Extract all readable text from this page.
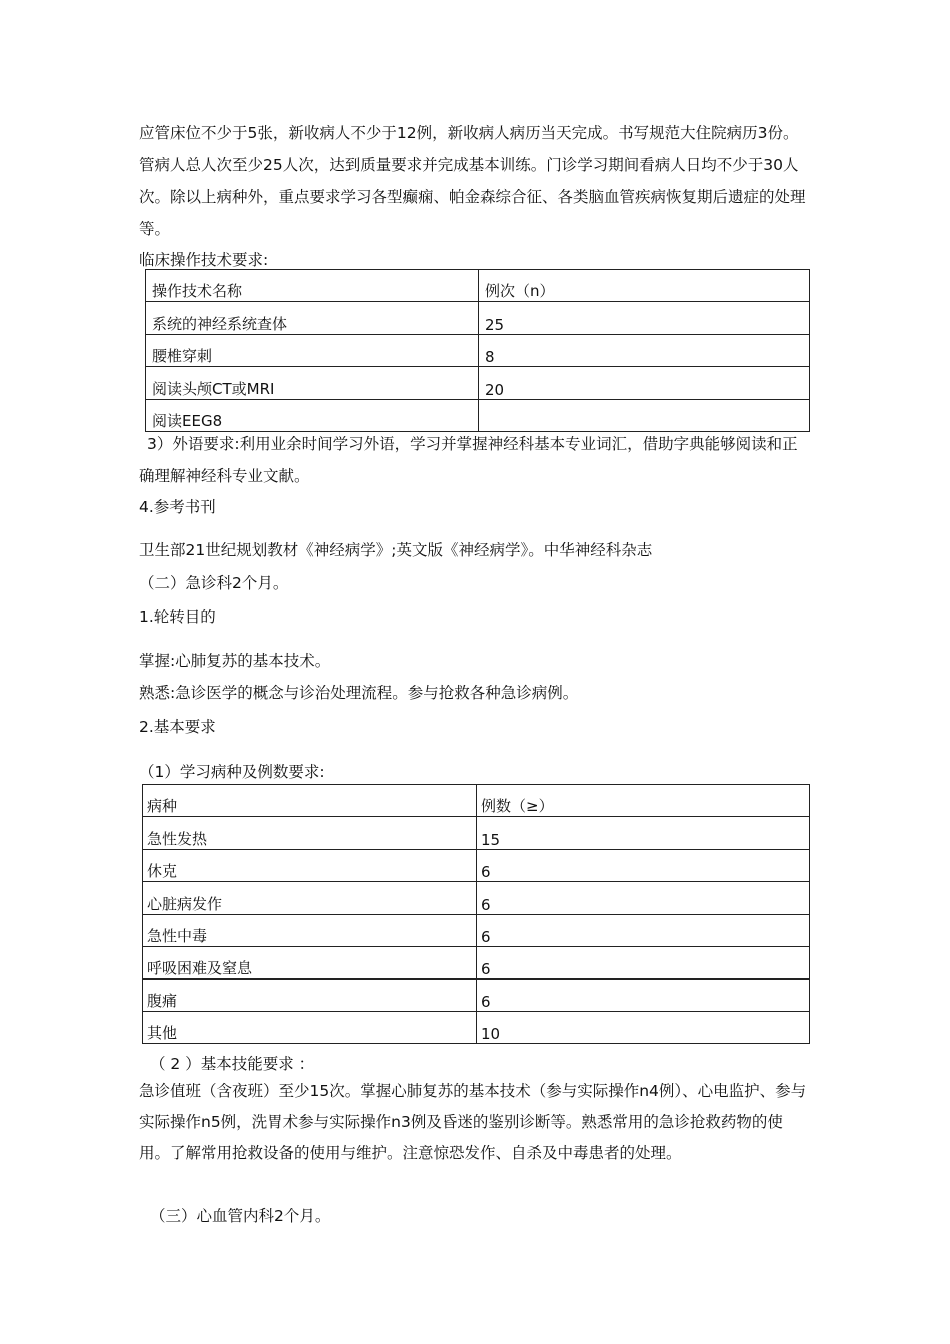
应管床位不少于5张，新收病人不少于12例，新收病人病历当天完成。书写规范大住院病历3份。管病人总人次至少25人次，达到质量要求并完成基本训练。门诊学习期间看病人日均不少于30人次。除以上病种外，重点要求学习各型癫痫、帕金森综合征、各类脑血管疾病恢复期后遗症的处理等。
临床操作技术要求:
操作技术名称	例次（n）
系统的神经系统查体	25
腰椎穿刺	8
阅读头颅CT或MRI	20
阅读EEG8	
3）外语要求:利用业余时间学习外语，学习并掌握神经科基本专业词汇，借助字典能够阅读和正确理解神经科专业文献。
4.参考书刊
卫生部21世纪规划教材《神经病学》;英文版《神经病学》。中华神经科杂志
（二）急诊科2个月。
1.轮转目的
掌握:心肺复苏的基本技术。
熟悉:急诊医学的概念与诊治处理流程。参与抢救各种急诊病例。
2.基本要求
（1）学习病种及例数要求:
病种	例数（≥）
急性发热	15
休克	6
心脏病发作	6
急性中毒	6
呼吸困难及窒息	6
腹痛	6
其他	10
（ 2 ）基本技能要求 ：
急诊值班（含夜班）至少15次。掌握心肺复苏的基本技术（参与实际操作n4例）、心电监护、参与实际操作n5例，洗胃术参与实际操作n3例及昏迷的鉴别诊断等。熟悉常用的急诊抢救药物的使用。了解常用抢救设备的使用与维护。注意惊恐发作、自杀及中毒患者的处理。
（三）心血管内科2个月。
